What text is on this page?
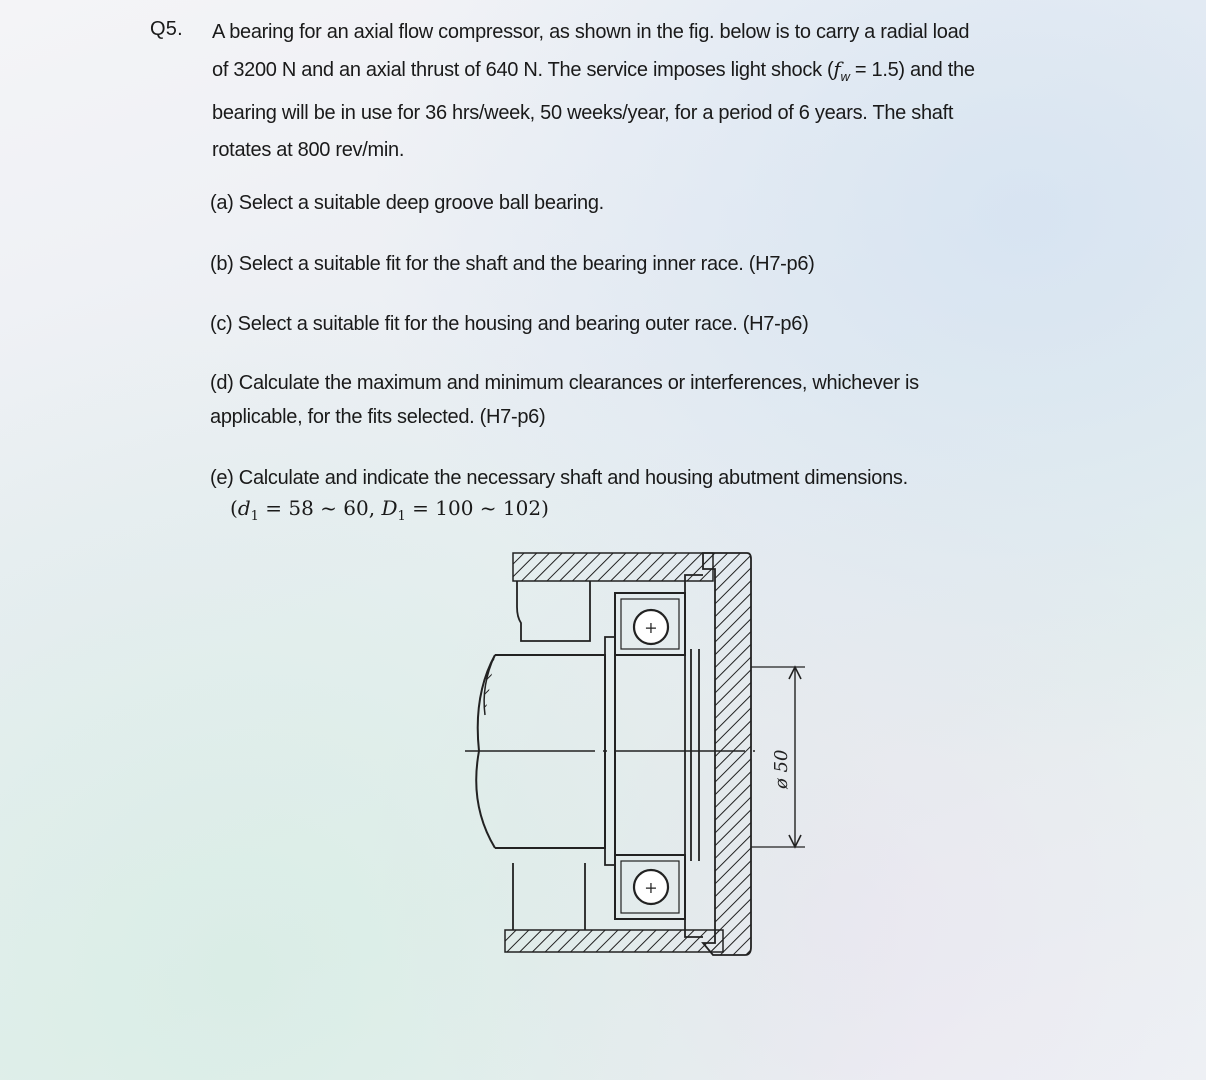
Q5. A bearing for an axial flow compressor, as shown in the fig. below is to carry a radial load
of 3200 N and an axial thrust of 640 N. The service imposes light shock $(f_w = 1.5)$ and the
bearing will be in use for 36 hrs/week, 50 weeks/year, for a period of 6 years. The shaft
rotates at 800 rev/min.
(a) Select a suitable deep groove ball bearing.
(b) Select a suitable fit for the shaft and the bearing inner race. (H7-p6)
(c) Select a suitable fit for the housing and bearing outer race. (H7-p6)
(d) Calculate the maximum and minimum clearances or interferences, whichever is
applicable, for the fits selected. (H7-p6)
(e) Calculate and indicate the necessary shaft and housing abutment dimensions.
($d_1 = 58$ ~ 60, $D_1 = 100$ ~ 102)
+
+
ø 50
